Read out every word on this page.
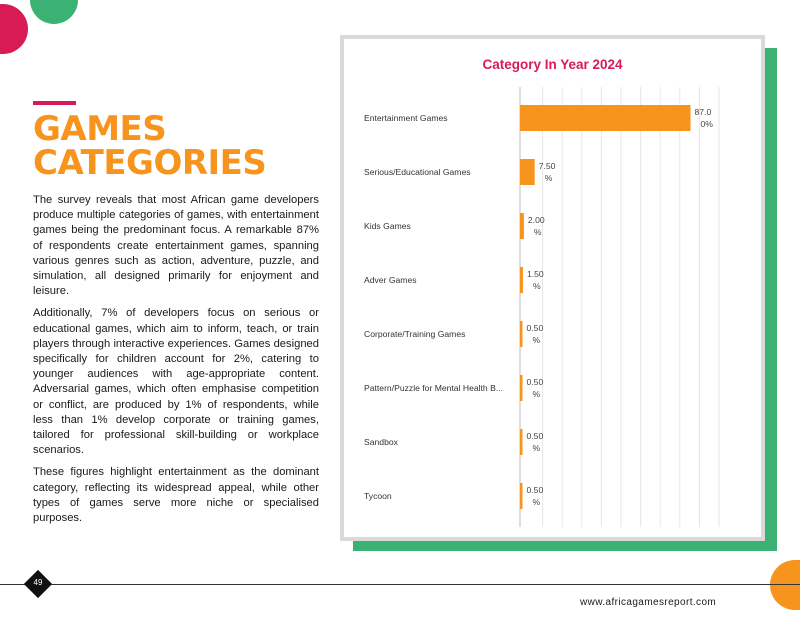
GAMES
CATEGORIES

The survey reveals that most African game developers produce multiple categories of games, with entertainment games being the predominant focus. A remarkable 87% of respondents create entertainment games, spanning various genres such as action, adventure, puzzle, and simulation, all designed primarily for enjoyment and leisure.

Additionally, 7% of developers focus on serious or educational games, which aim to inform, teach, or train players through interactive experiences. Games designed specifically for children account for 2%, catering to younger audiences with age-appropriate content. Adversarial games, which often emphasise competition or conflict, are produced by 1% of respondents, while less than 1% develop corporate or training games, tailored for professional skill-building or workplace scenarios.

These figures highlight entertainment as the dominant category, reflecting its widespread appeal, while other types of games serve more niche or specialised purposes.

Category In Year 2024
Entertainment Games
87.0
0%
Serious/Educational Games
7.50
%
Kids Games
2.00
%
Adver Games
1.50
%
Corporate/Training Games
0.50
%
Pattern/Puzzle for Mental Health B...
0.50
%
Sandbox
0.50
%
Tycoon
0.50
%
49
www.africagamesreport.com
